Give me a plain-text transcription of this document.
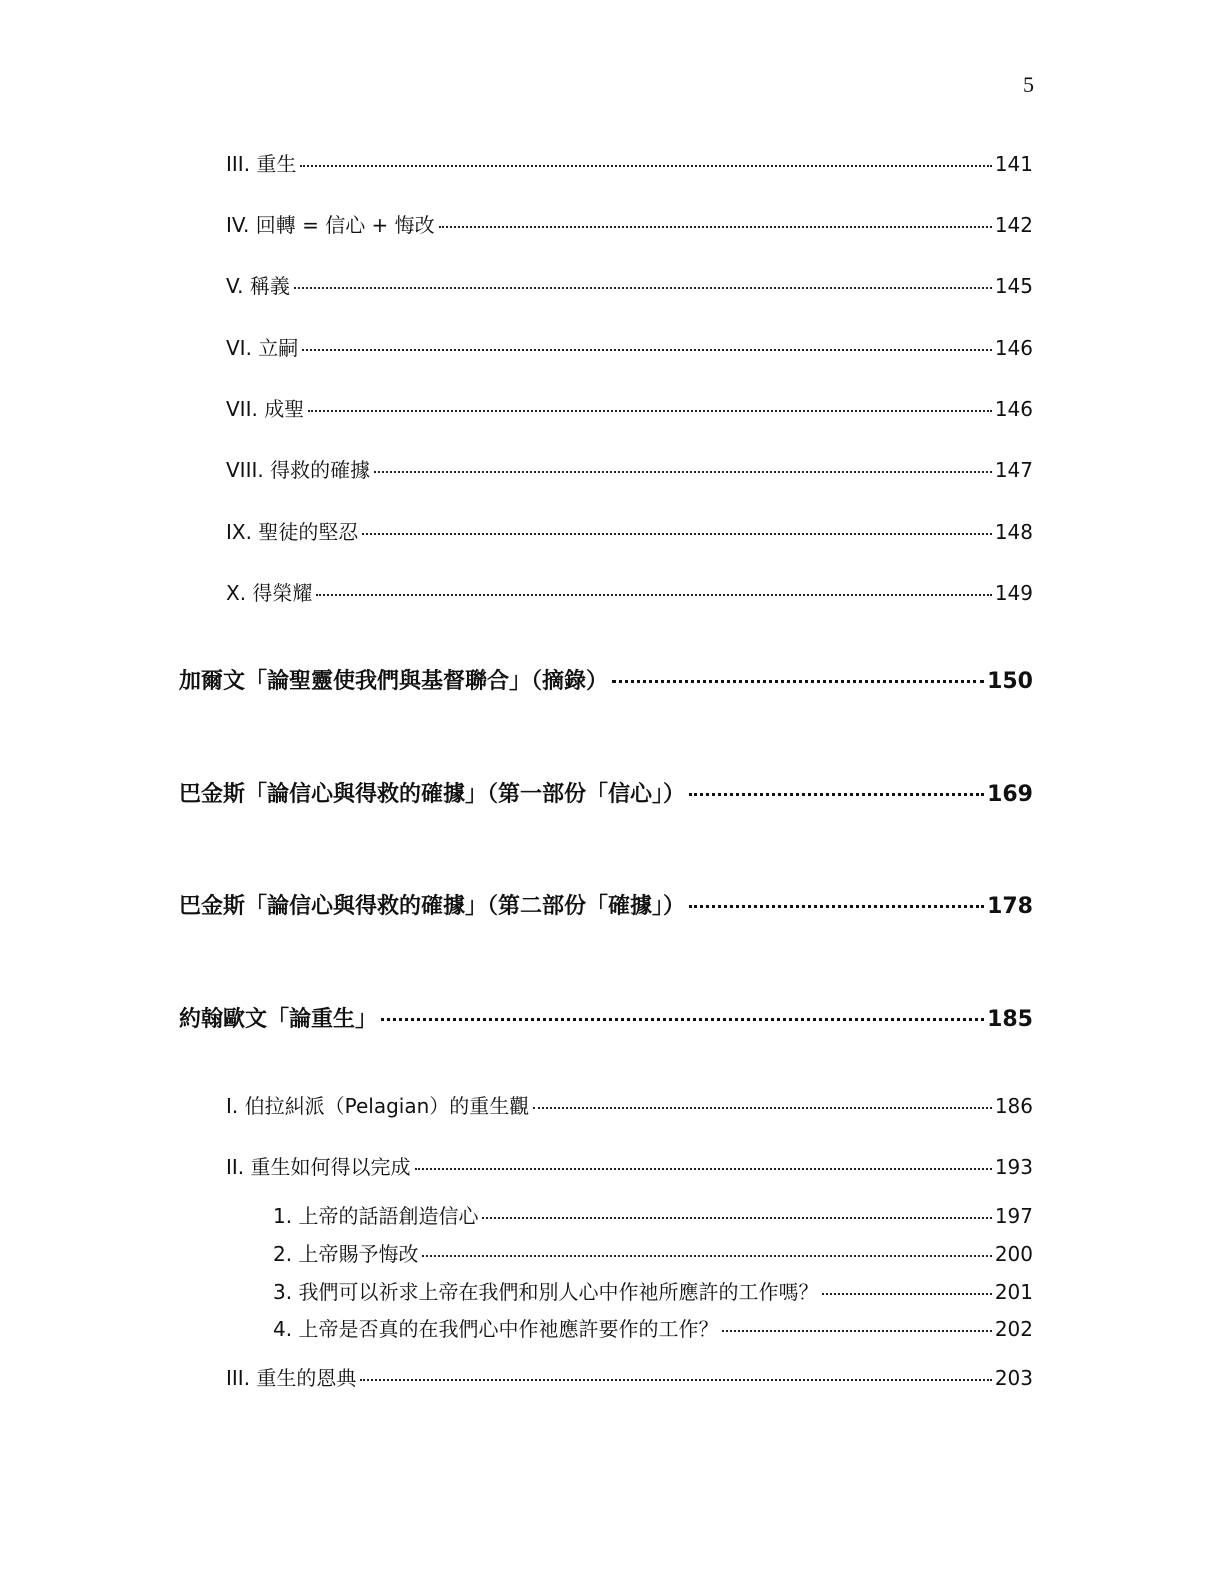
5
III. 重生	141
IV. 回轉 = 信心 + 悔改	142
V. 稱義	145
VI. 立嗣	146
VII. 成聖	146
VIII. 得救的確據	147
IX. 聖徒的堅忍	148
X. 得榮耀	149
加爾文「論聖靈使我們與基督聯合」（摘錄）	150
巴金斯「論信心與得救的確據」（第一部份「信心」）	169
巴金斯「論信心與得救的確據」（第二部份「確據」）	178
約翰歐文「論重生」	185
I. 伯拉糾派（Pelagian）的重生觀	186
II. 重生如何得以完成	193
1. 上帝的話語創造信心	197
2. 上帝賜予悔改	200
3. 我們可以祈求上帝在我們和別人心中作祂所應許的工作嗎？	201
4. 上帝是否真的在我們心中作祂應許要作的工作？	202
III. 重生的恩典	203
